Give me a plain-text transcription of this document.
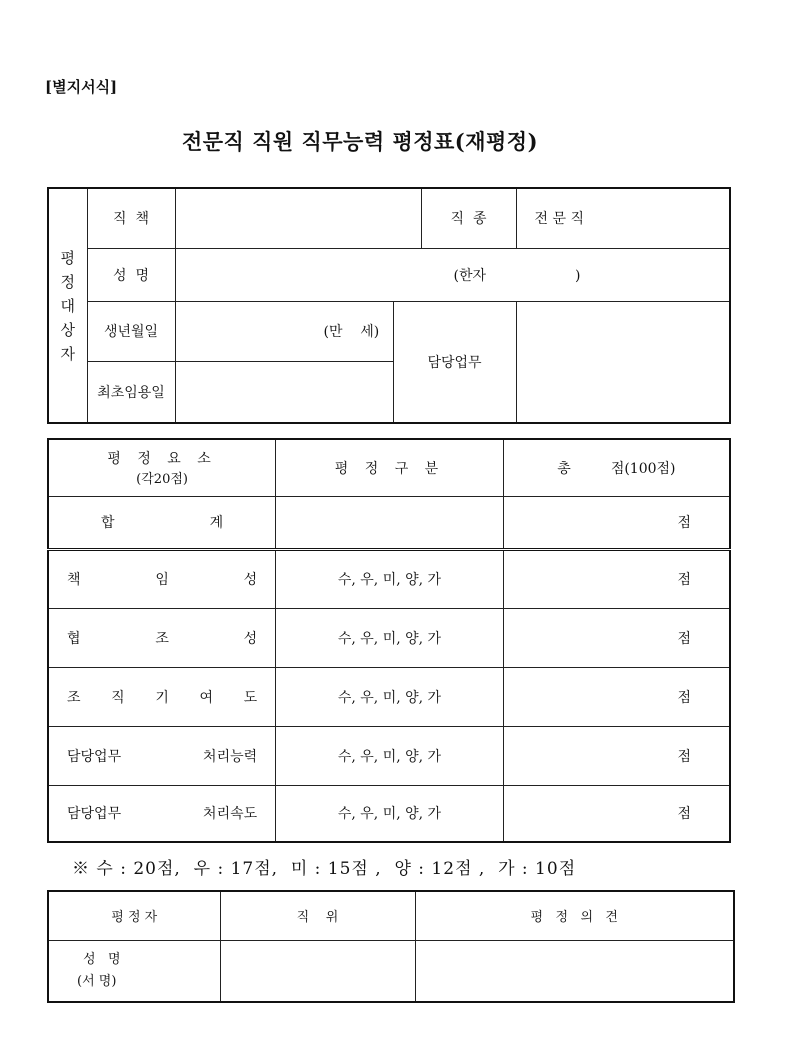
[별지서식]
전문직 직원 직무능력 평정표(재평정)
평
정
대
상
자	직  책			직  종	전 문 직
	성  명	(한자                    )			
	생년월일	(만    세)	담당업무		
	최초임용일				
평 정 요 소
(각20점)	평 정 구 분	총 점(100점)

합 계		점

책 임 성	수, 우, 미, 양, 가	점

협 조 성	수, 우, 미, 양, 가	점

조 직 기 여 도	수, 우, 미, 양, 가	점

담당업무 처리능력	수, 우, 미, 양, 가	점

담당업무 처리속도	수, 우, 미, 양, 가	점
※ 수 : 20점,  우 : 17점,  미 : 15점 ,  양 : 12점 ,  가 : 10점
평 정 자	직    위	평   정   의   견

성   명
(서 명)		
